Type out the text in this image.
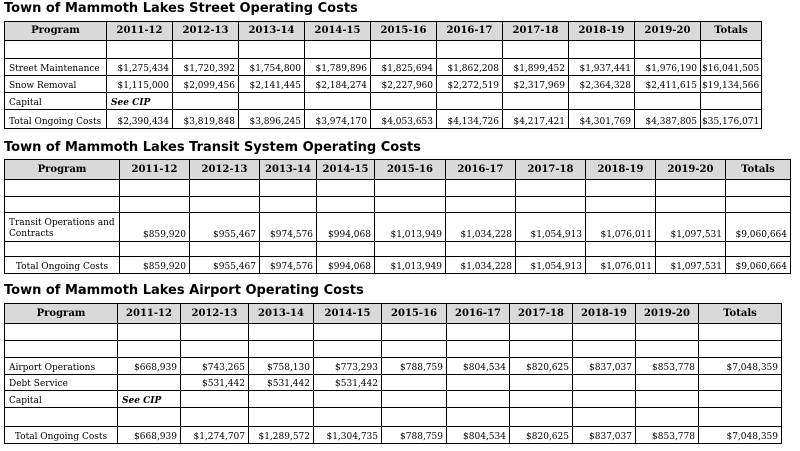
Town of Mammoth Lakes Street Operating Costs
Program	2011-12	2012-13	2013-14	2014-15	2015-16	2016-17	2017-18	2018-19	2019-20	Totals

Street Maintenance	$1,275,434	$1,720,392	$1,754,800	$1,789,896	$1,825,694	$1,862,208	$1,899,452	$1,937,441	$1,976,190	$16,041,505
Snow Removal	$1,115,000	$2,099,456	$2,141,445	$2,184,274	$2,227,960	$2,272,519	$2,317,969	$2,364,328	$2,411,615	$19,134,566
Capital	See CIP									
Total Ongoing Costs	$2,390,434	$3,819,848	$3,896,245	$3,974,170	$4,053,653	$4,134,726	$4,217,421	$4,301,769	$4,387,805	$35,176,071
Town of Mammoth Lakes Transit System Operating Costs
Program	2011-12	2012-13	2013-14	2014-15	2015-16	2016-17	2017-18	2018-19	2019-20	Totals

Transit Operations and Contracts	$859,920	$955,467	$974,576	$994,068	$1,013,949	$1,034,228	$1,054,913	$1,076,011	$1,097,531	$9,060,664

Total Ongoing Costs	$859,920	$955,467	$974,576	$994,068	$1,013,949	$1,034,228	$1,054,913	$1,076,011	$1,097,531	$9,060,664
Town of Mammoth Lakes Airport Operating Costs
Program	2011-12	2012-13	2013-14	2014-15	2015-16	2016-17	2017-18	2018-19	2019-20	Totals

Airport Operations	$668,939	$743,265	$758,130	$773,293	$788,759	$804,534	$820,625	$837,037	$853,778	$7,048,359
Debt Service		$531,442	$531,442	$531,442						
Capital	See CIP									

Total Ongoing Costs	$668,939	$1,274,707	$1,289,572	$1,304,735	$788,759	$804,534	$820,625	$837,037	$853,778	$7,048,359
